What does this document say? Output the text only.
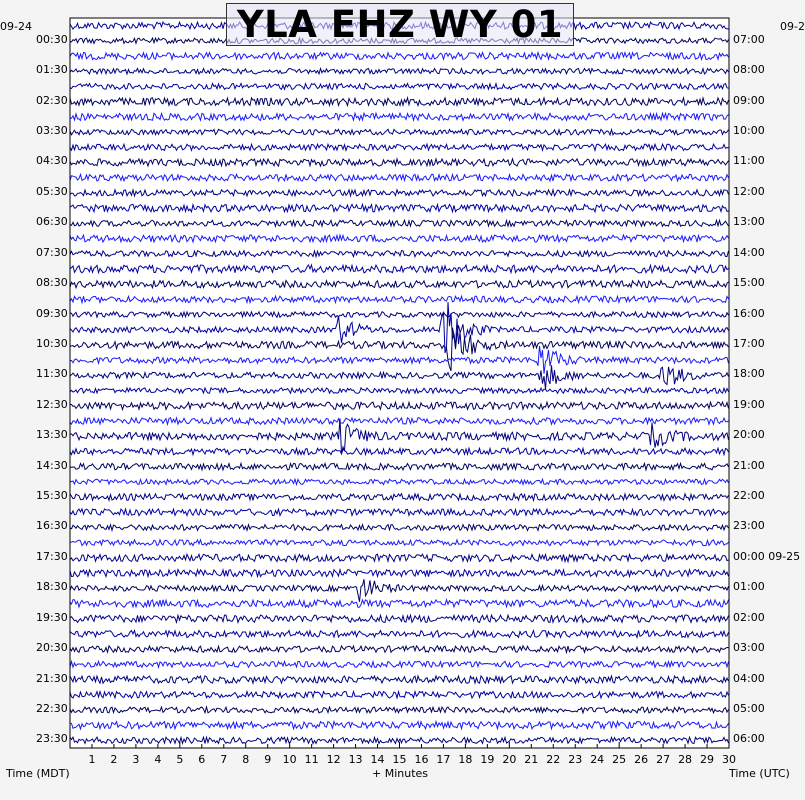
YLA EHZ WY 01
09-24	09-2
00:30
01:30
02:30
03:30
04:30
05:30
06:30
07:30
08:30
09:30
10:30
11:30
12:30
13:30
14:30
15:30
16:30
17:30
18:30
19:30
20:30
21:30
22:30
23:30
07:00
08:00
09:00
10:00
11:00
12:00
13:00
14:00
15:00
16:00
17:00
18:00
19:00
20:00
21:00
22:00
23:00
00:00 09-25
01:00
02:00
03:00
04:00
05:00
06:00
1 2 3 4 5 6 7 8 9 10 11 12 13 14 15 16 17 18 19 20 21 22 23 24 25 26 27 28 29 30
Time (MDT)	+ Minutes	Time (UTC)
